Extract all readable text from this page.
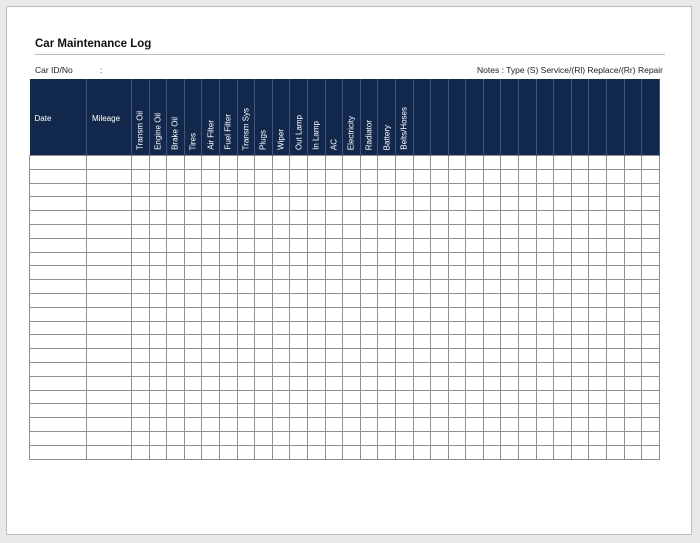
Car Maintenance Log
Car ID/No	:	Notes : Type (S) Service/(Rl) Replace/(Rr) Repair
Date	Mileage	Transm Oil	Engine Oil	Brake Oil	Tires	Air Filter	Fuel Filter	Transm Sys	Plugs	Wiper	Out Lamp	In Lamp	AC	Electricity	Radiator	Battery	Belts/Hoses														
